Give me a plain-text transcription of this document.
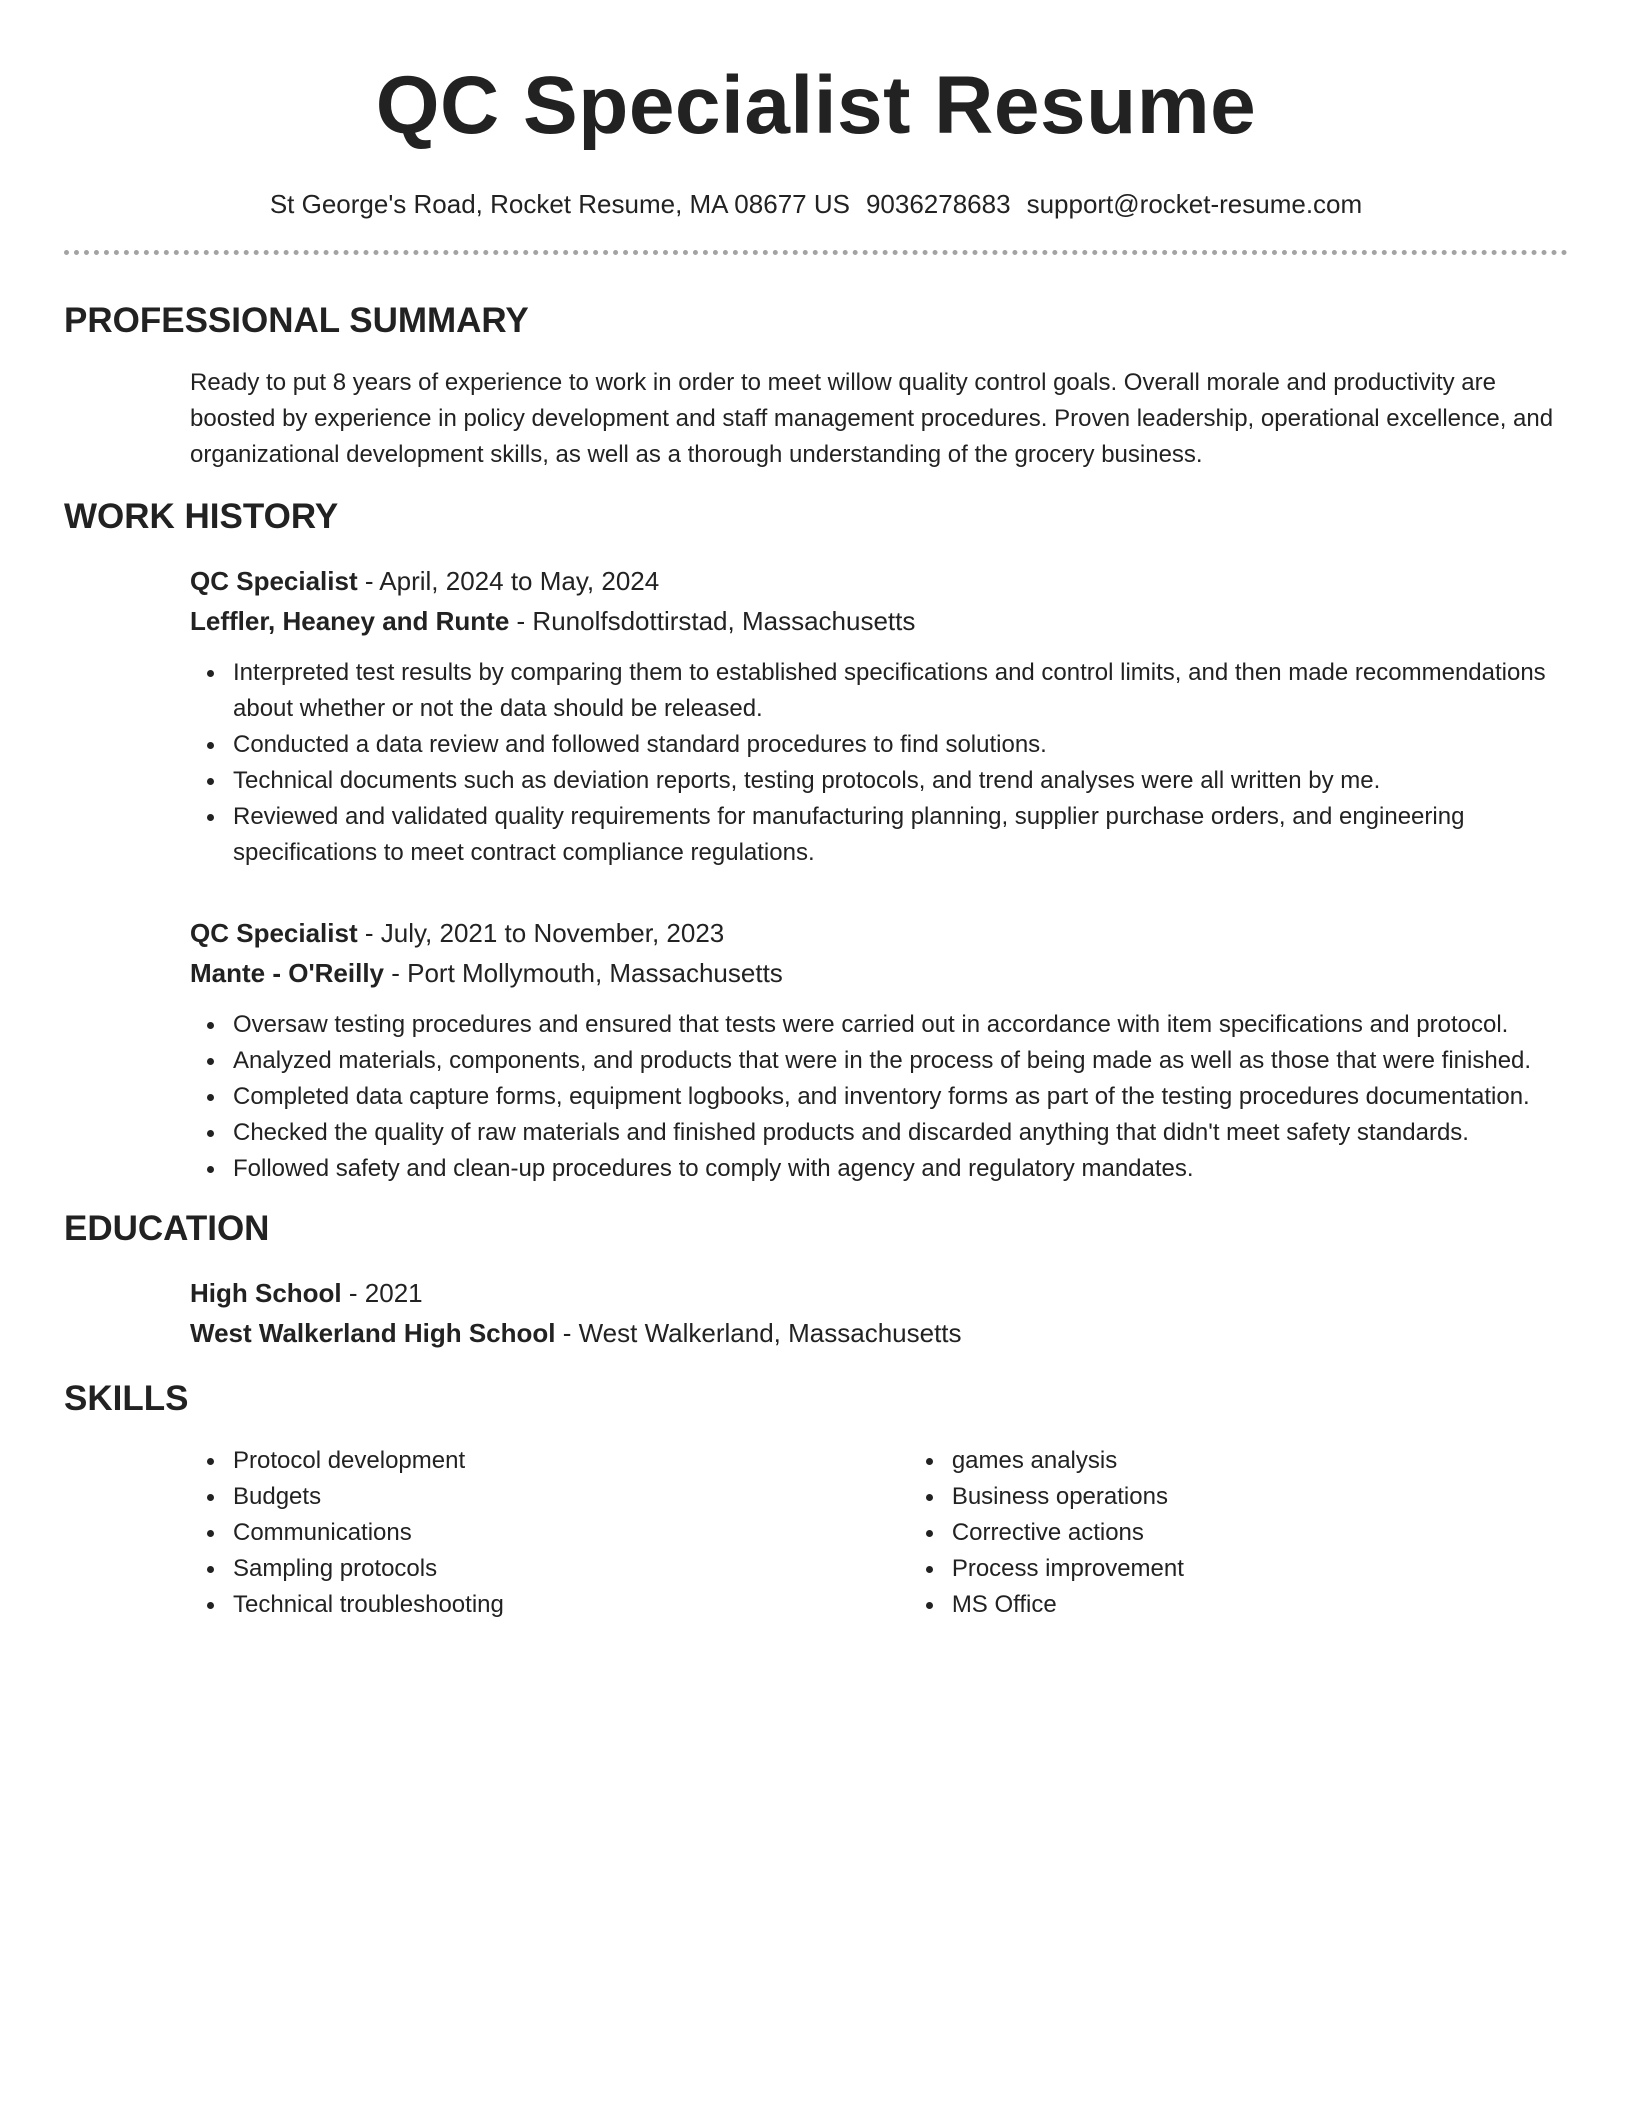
QC Specialist Resume
St George's Road, Rocket Resume, MA 08677 US 9036278683 support@rocket-resume.com
PROFESSIONAL SUMMARY
Ready to put 8 years of experience to work in order to meet willow quality control goals. Overall morale and productivity are boosted by experience in policy development and staff management procedures. Proven leadership, operational excellence, and organizational development skills, as well as a thorough understanding of the grocery business.
WORK HISTORY
QC Specialist - April, 2024 to May, 2024
Leffler, Heaney and Runte - Runolfsdottirstad, Massachusetts
Interpreted test results by comparing them to established specifications and control limits, and then made recommendations about whether or not the data should be released.
Conducted a data review and followed standard procedures to find solutions.
Technical documents such as deviation reports, testing protocols, and trend analyses were all written by me.
Reviewed and validated quality requirements for manufacturing planning, supplier purchase orders, and engineering specifications to meet contract compliance regulations.
QC Specialist - July, 2021 to November, 2023
Mante - O'Reilly - Port Mollymouth, Massachusetts
Oversaw testing procedures and ensured that tests were carried out in accordance with item specifications and protocol.
Analyzed materials, components, and products that were in the process of being made as well as those that were finished.
Completed data capture forms, equipment logbooks, and inventory forms as part of the testing procedures documentation.
Checked the quality of raw materials and finished products and discarded anything that didn't meet safety standards.
Followed safety and clean-up procedures to comply with agency and regulatory mandates.
EDUCATION
High School - 2021
West Walkerland High School - West Walkerland, Massachusetts
SKILLS
Protocol development
Budgets
Communications
Sampling protocols
Technical troubleshooting
games analysis
Business operations
Corrective actions
Process improvement
MS Office
